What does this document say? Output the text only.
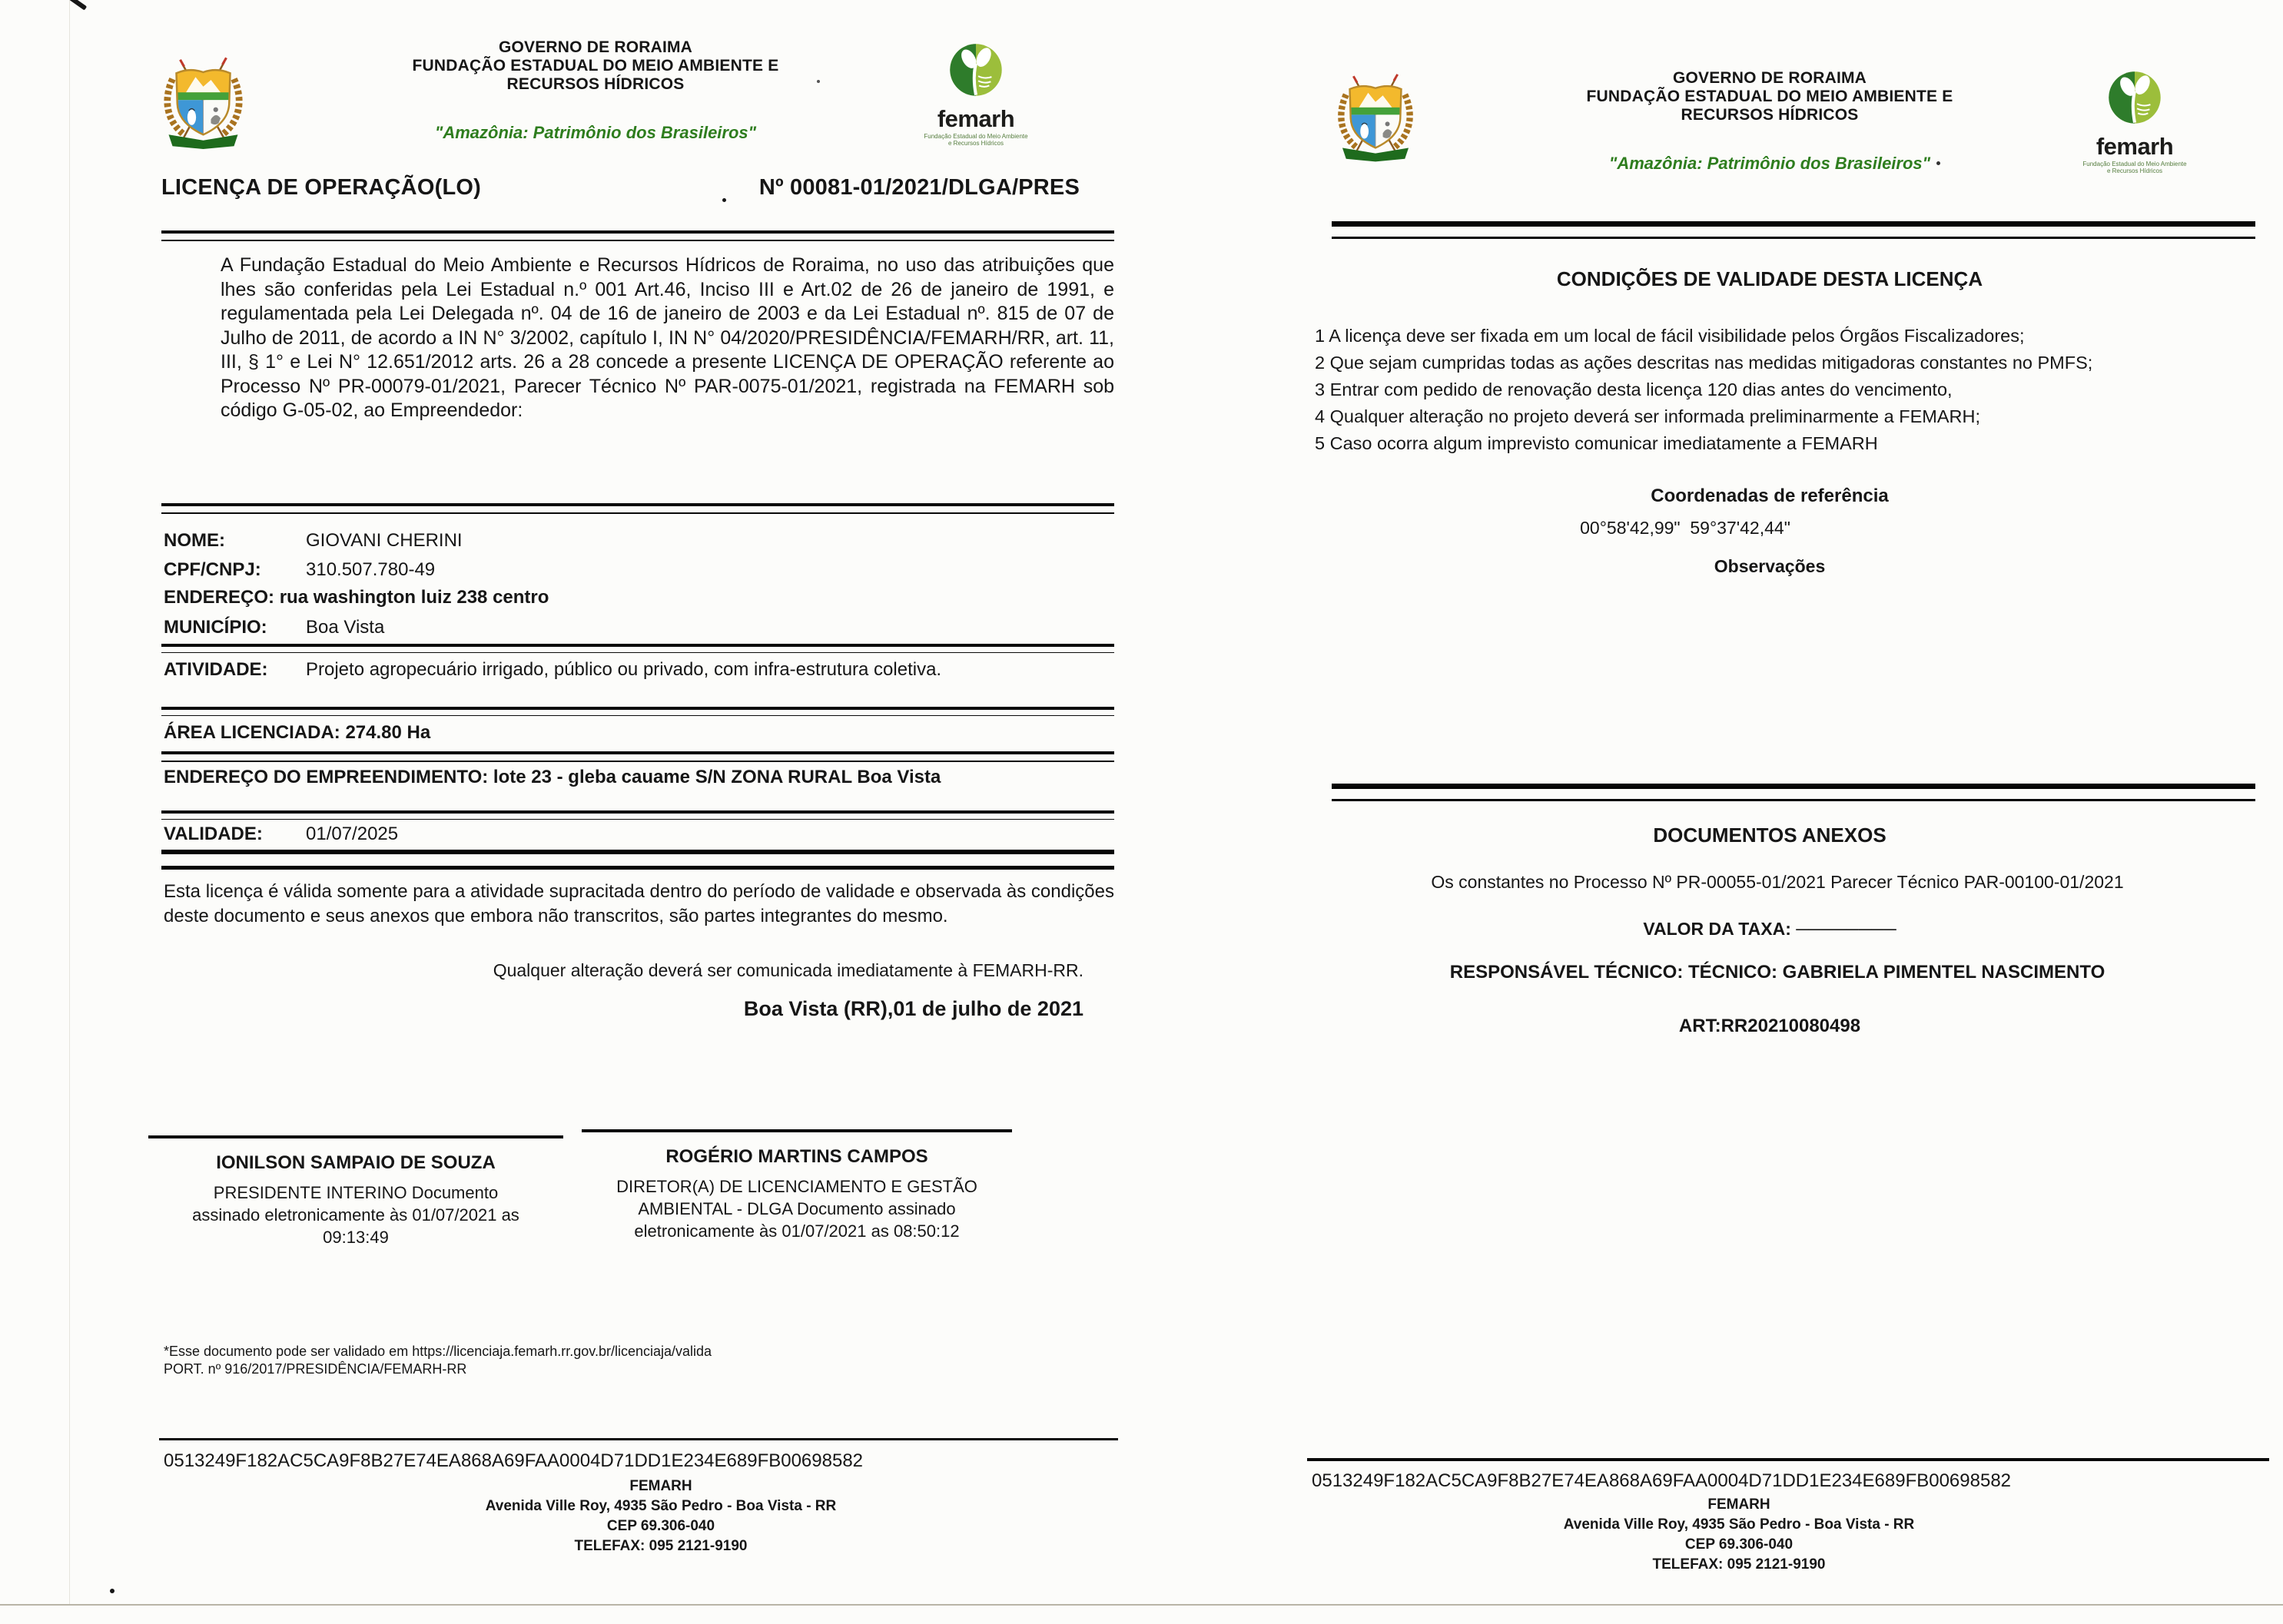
GOVERNO DE RORAIMA
FUNDAÇÃO ESTADUAL DO MEIO AMBIENTE E
RECURSOS HÍDRICOS
"Amazônia: Patrimônio dos Brasileiros"
femarh
Fundação Estadual do Meio Ambiente
e Recursos Hídricos
LICENÇA DE OPERAÇÃO(LO)	Nº 00081-01/2021/DLGA/PRES
A Fundação Estadual do Meio Ambiente e Recursos Hídricos de Roraima, no uso das atribuições que lhes são conferidas pela Lei Estadual n.º 001 Art.46, Inciso III e Art.02 de 26 de janeiro de 1991, e regulamentada pela Lei Delegada nº. 04 de 16 de janeiro de 2003 e da Lei Estadual nº. 815 de 07 de Julho de 2011, de acordo a IN N° 3/2002, capítulo I, IN N° 04/2020/PRESIDÊNCIA/FEMARH/RR, art. 11, III, § 1° e Lei N° 12.651/2012 arts. 26 a 28 concede a presente LICENÇA DE OPERAÇÃO referente ao Processo Nº PR-00079-01/2021, Parecer Técnico Nº PAR-0075-01/2021, registrada na FEMARH sob código G-05-02, ao Empreendedor:
NOME:	GIOVANI CHERINI
CPF/CNPJ:	310.507.780-49
ENDEREÇO: rua washington luiz 238 centro
MUNICÍPIO:	Boa Vista
ATIVIDADE:	Projeto agropecuário irrigado, público ou privado, com infra-estrutura coletiva.
ÁREA LICENCIADA: 274.80 Ha
ENDEREÇO DO EMPREENDIMENTO: lote 23 - gleba cauame S/N ZONA RURAL Boa Vista
VALIDADE:	01/07/2025
Esta licença é válida somente para a atividade supracitada dentro do período de validade e observada às condições deste documento e seus anexos que embora não transcritos, são partes integrantes do mesmo.
Qualquer alteração deverá ser comunicada imediatamente à FEMARH-RR.
Boa Vista (RR),01 de julho de 2021
IONILSON SAMPAIO DE SOUZA
PRESIDENTE INTERINO Documento assinado eletronicamente às 01/07/2021 as 09:13:49
ROGÉRIO MARTINS CAMPOS
DIRETOR(A) DE LICENCIAMENTO E GESTÃO AMBIENTAL - DLGA Documento assinado eletronicamente às 01/07/2021 as 08:50:12
*Esse documento pode ser validado em https://licenciaja.femarh.rr.gov.br/licenciaja/valida
PORT. nº 916/2017/PRESIDÊNCIA/FEMARH-RR
0513249F182AC5CA9F8B27E74EA868A69FAA0004D71DD1E234E689FB00698582
FEMARH
Avenida Ville Roy, 4935 São Pedro - Boa Vista - RR
CEP 69.306-040
TELEFAX: 095 2121-9190
GOVERNO DE RORAIMA
FUNDAÇÃO ESTADUAL DO MEIO AMBIENTE E
RECURSOS HÍDRICOS
"Amazônia: Patrimônio dos Brasileiros"
femarh
Fundação Estadual do Meio Ambiente
e Recursos Hídricos
CONDIÇÕES DE VALIDADE DESTA LICENÇA
1 A licença deve ser fixada em um local de fácil visibilidade pelos Órgãos Fiscalizadores;
2 Que sejam cumpridas todas as ações descritas nas medidas mitigadoras constantes no PMFS;
3 Entrar com pedido de renovação desta licença 120 dias antes do vencimento,
4 Qualquer alteração no projeto deverá ser informada preliminarmente a FEMARH;
5 Caso ocorra algum imprevisto comunicar imediatamente a FEMARH
Coordenadas de referência
00°58'42,99"  59°37'42,44"
Observações
DOCUMENTOS ANEXOS
Os constantes no Processo Nº PR-00055-01/2021 Parecer Técnico PAR-00100-01/2021
VALOR DA TAXA: ────────
RESPONSÁVEL TÉCNICO: TÉCNICO: GABRIELA PIMENTEL NASCIMENTO
ART:RR20210080498
0513249F182AC5CA9F8B27E74EA868A69FAA0004D71DD1E234E689FB00698582
FEMARH
Avenida Ville Roy, 4935 São Pedro - Boa Vista - RR
CEP 69.306-040
TELEFAX: 095 2121-9190
